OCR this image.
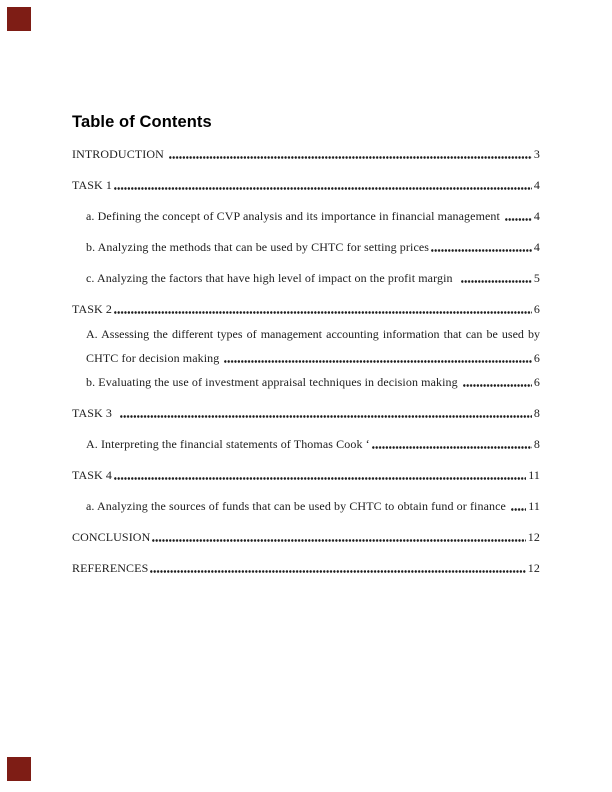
Table of Contents
INTRODUCTION	3
TASK 1	4
a. Defining the concept of CVP analysis and its importance in financial management	4
b. Analyzing the methods that can be used by CHTC for setting prices	4
c. Analyzing the factors that have high level of impact on the profit margin	5
TASK 2	6
A. Assessing the different types of management accounting information that can be used by
CHTC for decision making	6
b. Evaluating the use of investment appraisal techniques in decision making	6
TASK 3	8
A. Interpreting the financial statements of Thomas Cook ‘	8
TASK 4	11
a. Analyzing the sources of funds that can be used by CHTC to obtain fund or finance 11
CONCLUSION	12
REFERENCES	12
